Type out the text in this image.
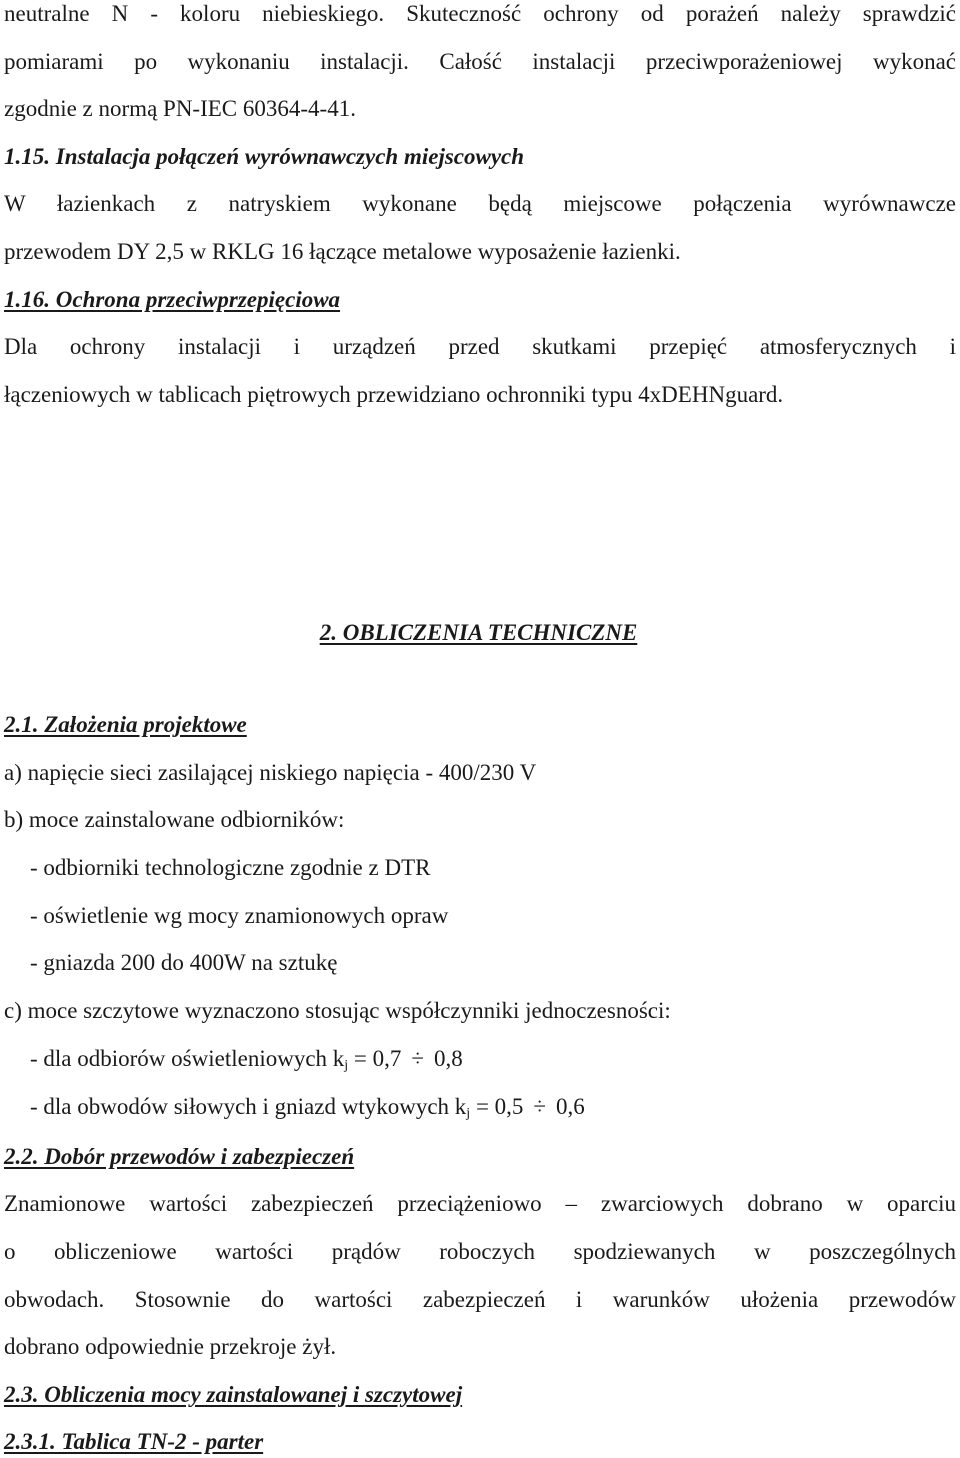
neutralne N - koloru niebieskiego. Skuteczność ochrony od porażeń należy sprawdzić
pomiarami po wykonaniu instalacji. Całość instalacji przeciwporażeniowej wykonać
zgodnie z normą PN-IEC 60364-4-41.
1.15. Instalacja połączeń wyrównawczych miejscowych
W łazienkach z natryskiem wykonane będą miejscowe połączenia wyrównawcze
przewodem DY 2,5 w RKLG 16 łączące metalowe wyposażenie łazienki.
1.16. Ochrona przeciwprzepięciowa
Dla ochrony instalacji i urządzeń przed skutkami przepięć atmosferycznych i
łączeniowych w tablicach piętrowych przewidziano ochronniki typu 4xDEHNguard.
2. OBLICZENIA TECHNICZNE
2.1. Założenia projektowe
a) napięcie sieci zasilającej niskiego napięcia - 400/230 V
b) moce zainstalowane odbiorników:
- odbiorniki technologiczne zgodnie z DTR
- oświetlenie wg mocy znamionowych opraw
- gniazda 200 do 400W na sztukę
c) moce szczytowe wyznaczono stosując współczynniki jednoczesności:
- dla odbiorów oświetleniowych $k_j = 0,7 \div 0,8$
- dla obwodów siłowych i gniazd wtykowych $k_j = 0,5 \div 0,6$
2.2. Dobór przewodów i zabezpieczeń
Znamionowe wartości zabezpieczeń przeciążeniowo – zwarciowych dobrano w oparciu
o obliczeniowe wartości prądów roboczych spodziewanych w poszczególnych
obwodach. Stosownie do wartości zabezpieczeń i warunków ułożenia przewodów
dobrano odpowiednie przekroje żył.
2.3. Obliczenia mocy zainstalowanej i szczytowej
2.3.1. Tablica TN-2 - parter
